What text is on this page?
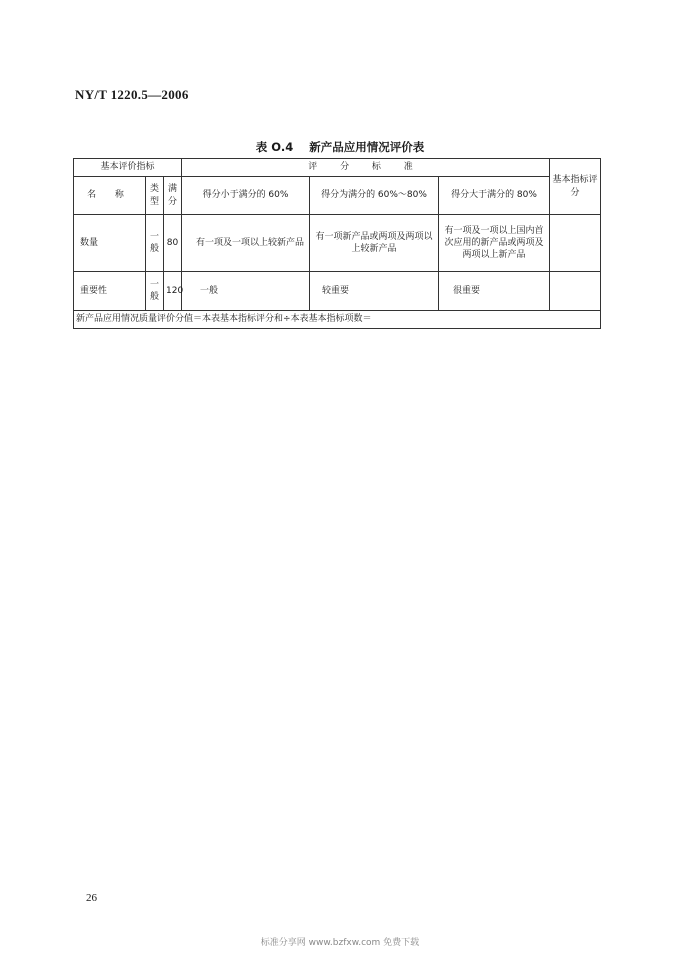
NY/T 1220.5—2006
表 O.4 新产品应用情况评价表
基本评价指标			评 分 标 准			基本指标评分
名 称	类型	满分	得分小于满分的 60%	得分为满分的 60%～80%	得分大于满分的 80%	
数量	一般	80	有一项及一项以上较新产品	有一项新产品或两项及两项以上较新产品	有一项及一项以上国内首次应用的新产品或两项及两项以上新产品	
重要性	一般	120	一般	较重要	很重要	
新产品应用情况质量评价分值＝本表基本指标评分和÷本表基本指标项数＝						
26
标准分享网 www.bzfxw.com 免费下载
